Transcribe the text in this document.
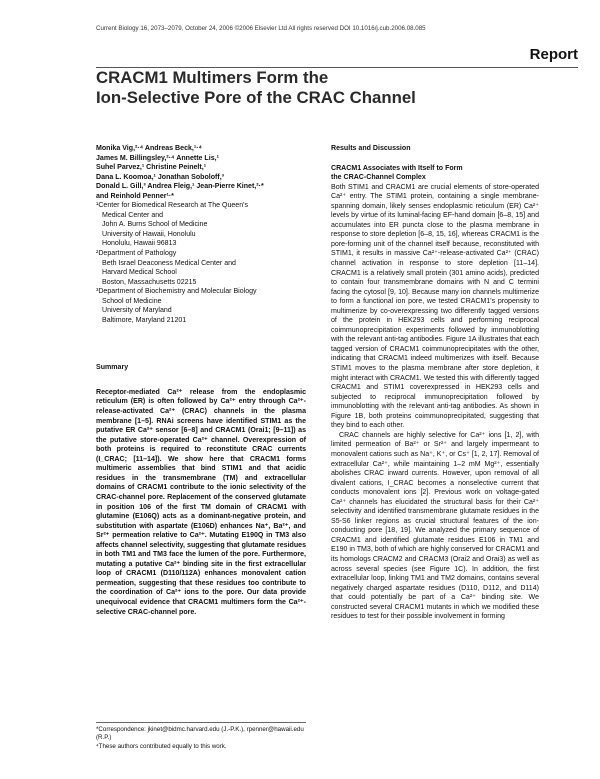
Current Biology 16, 2073–2079, October 24, 2006 ©2006 Elsevier Ltd All rights reserved DOI 10.1016/j.cub.2006.08.085
Report
CRACM1 Multimers Form the
Ion-Selective Pore of the CRAC Channel
Monika Vig,²·⁴ Andreas Beck,¹·⁴
James M. Billingsley,²·⁴ Annette Lis,¹
Suhel Parvez,¹ Christine Peinelt,¹
Dana L. Koomoa,¹ Jonathan Soboloff,³
Donald L. Gill,³ Andrea Fleig,¹ Jean-Pierre Kinet,²·*
and Reinhold Penner¹·*
¹Center for Biomedical Research at The Queen's
Medical Center and
John A. Burns School of Medicine
University of Hawaii, Honolulu
Honolulu, Hawaii 96813
²Department of Pathology
Beth Israel Deaconess Medical Center and
Harvard Medical School
Boston, Massachusetts 02215
³Department of Biochemistry and Molecular Biology
School of Medicine
University of Maryland
Baltimore, Maryland 21201
Summary
Receptor-mediated Ca²⁺ release from the endoplasmic reticulum (ER) is often followed by Ca²⁺ entry through Ca²⁺-release-activated Ca²⁺ (CRAC) channels in the plasma membrane [1–5]. RNAi screens have identified STIM1 as the putative ER Ca²⁺ sensor [6–8] and CRACM1 (Orai1; [9–11]) as the putative store-operated Ca²⁺ channel. Overexpression of both proteins is required to reconstitute CRAC currents (I_CRAC; [11–14]). We show here that CRACM1 forms multimeric assemblies that bind STIM1 and that acidic residues in the transmembrane (TM) and extracellular domains of CRACM1 contribute to the ionic selectivity of the CRAC-channel pore. Replacement of the conserved glutamate in position 106 of the first TM domain of CRACM1 with glutamine (E106Q) acts as a dominant-negative protein, and substitution with aspartate (E106D) enhances Na⁺, Ba²⁺, and Sr²⁺ permeation relative to Ca²⁺. Mutating E190Q in TM3 also affects channel selectivity, suggesting that glutamate residues in both TM1 and TM3 face the lumen of the pore. Furthermore, mutating a putative Ca²⁺ binding site in the first extracellular loop of CRACM1 (D110/112A) enhances monovalent cation permeation, suggesting that these residues too contribute to the coordination of Ca²⁺ ions to the pore. Our data provide unequivocal evidence that CRACM1 multimers form the Ca²⁺-selective CRAC-channel pore.
*Correspondence: jkinet@bidmc.harvard.edu (J.-P.K.), rpenner@hawaii.edu (R.P.)
⁴These authors contributed equally to this work.
Results and Discussion
CRACM1 Associates with Itself to Form
the CRAC-Channel Complex
Both STIM1 and CRACM1 are crucial elements of store-operated Ca²⁺ entry. The STIM1 protein, containing a single membrane-spanning domain, likely senses endoplasmic reticulum (ER) Ca²⁺ levels by virtue of its luminal-facing EF-hand domain [6–8, 15] and accumulates into ER puncta close to the plasma membrane in response to store depletion [6–8, 15, 16], whereas CRACM1 is the pore-forming unit of the channel itself because, reconstituted with STIM1, it results in massive Ca²⁺-release-activated Ca²⁺ (CRAC) channel activation in response to store depletion [11–14]. CRACM1 is a relatively small protein (301 amino acids), predicted to contain four transmembrane domains with N and C termini facing the cytosol [9, 10]. Because many ion channels multimerize to form a functional ion pore, we tested CRACM1's propensity to multimerize by co-overexpressing two differently tagged versions of the protein in HEK293 cells and performing reciprocal coimmunoprecipitation experiments followed by immunoblotting with the relevant anti-tag antibodies. Figure 1A illustrates that each tagged version of CRACM1 coimmunoprecipitates with the other, indicating that CRACM1 indeed multimerizes with itself. Because STIM1 moves to the plasma membrane after store depletion, it might interact with CRACM1. We tested this with differently tagged CRACM1 and STIM1 coverexpressed in HEK293 cells and subjected to reciprocal immunoprecipitation followed by immunoblotting with the relevant anti-tag antibodies. As shown in Figure 1B, both proteins coimmunoprecipitated, suggesting that they bind to each other.
CRAC channels are highly selective for Ca²⁺ ions [1, 2], with limited permeation of Ba²⁺ or Sr²⁺ and largely impermeant to monovalent cations such as Na⁺, K⁺, or Cs⁺ [1, 2, 17]. Removal of extracellular Ca²⁺, while maintaining 1–2 mM Mg²⁺, essentially abolishes CRAC inward currents. However, upon removal of all divalent cations, I_CRAC becomes a nonselective current that conducts monovalent ions [2]. Previous work on voltage-gated Ca²⁺ channels has elucidated the structural basis for their Ca²⁺ selectivity and identified transmembrane glutamate residues in the S5-S6 linker regions as crucial structural features of the ion-conducting pore [18, 19]. We analyzed the primary sequence of CRACM1 and identified glutamate residues E106 in TM1 and E190 in TM3, both of which are highly conserved for CRACM1 and its homologs CRACM2 and CRACM3 (Orai2 and Orai3) as well as across several species (see Figure 1C). In addition, the first extracellular loop, linking TM1 and TM2 domains, contains several negatively charged aspartate residues (D110, D112, and D114) that could potentially be part of a Ca²⁺ binding site. We constructed several CRACM1 mutants in which we modified these residues to test for their possible involvement in forming
